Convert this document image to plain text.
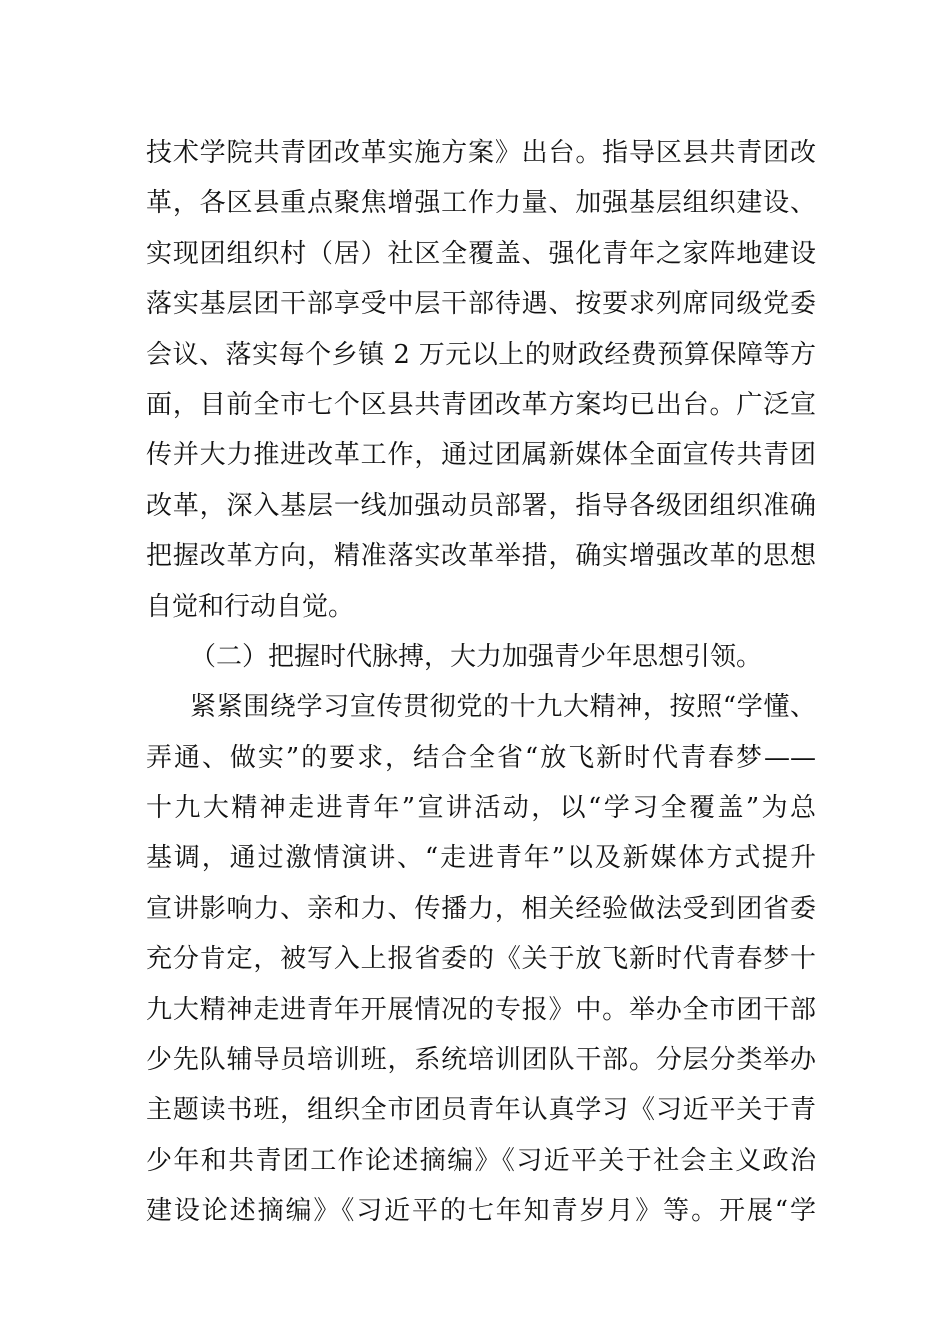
技术学院共青团改革实施方案》出台。指导区县共青团改
革，各区县重点聚焦增强工作力量、加强基层组织建设、
实现团组织村（居）社区全覆盖、强化青年之家阵地建设
落实基层团干部享受中层干部待遇、按要求列席同级党委
会议、落实每个乡镇 2 万元以上的财政经费预算保障等方
面，目前全市七个区县共青团改革方案均已出台。广泛宣
传并大力推进改革工作，通过团属新媒体全面宣传共青团
改革，深入基层一线加强动员部署，指导各级团组织准确
把握改革方向，精准落实改革举措，确实增强改革的思想
自觉和行动自觉。
（二）把握时代脉搏，大力加强青少年思想引领。
紧紧围绕学习宣传贯彻党的十九大精神，按照“学懂、
弄通、做实”的要求，结合全省“放飞新时代青春梦——
十九大精神走进青年”宣讲活动，以“学习全覆盖”为总
基调，通过激情演讲、“走进青年”以及新媒体方式提升
宣讲影响力、亲和力、传播力，相关经验做法受到团省委
充分肯定，被写入上报省委的《关于放飞新时代青春梦十
九大精神走进青年开展情况的专报》中。举办全市团干部
少先队辅导员培训班，系统培训团队干部。分层分类举办
主题读书班，组织全市团员青年认真学习《习近平关于青
少年和共青团工作论述摘编》《习近平关于社会主义政治
建设论述摘编》《习近平的七年知青岁月》等。开展“学
